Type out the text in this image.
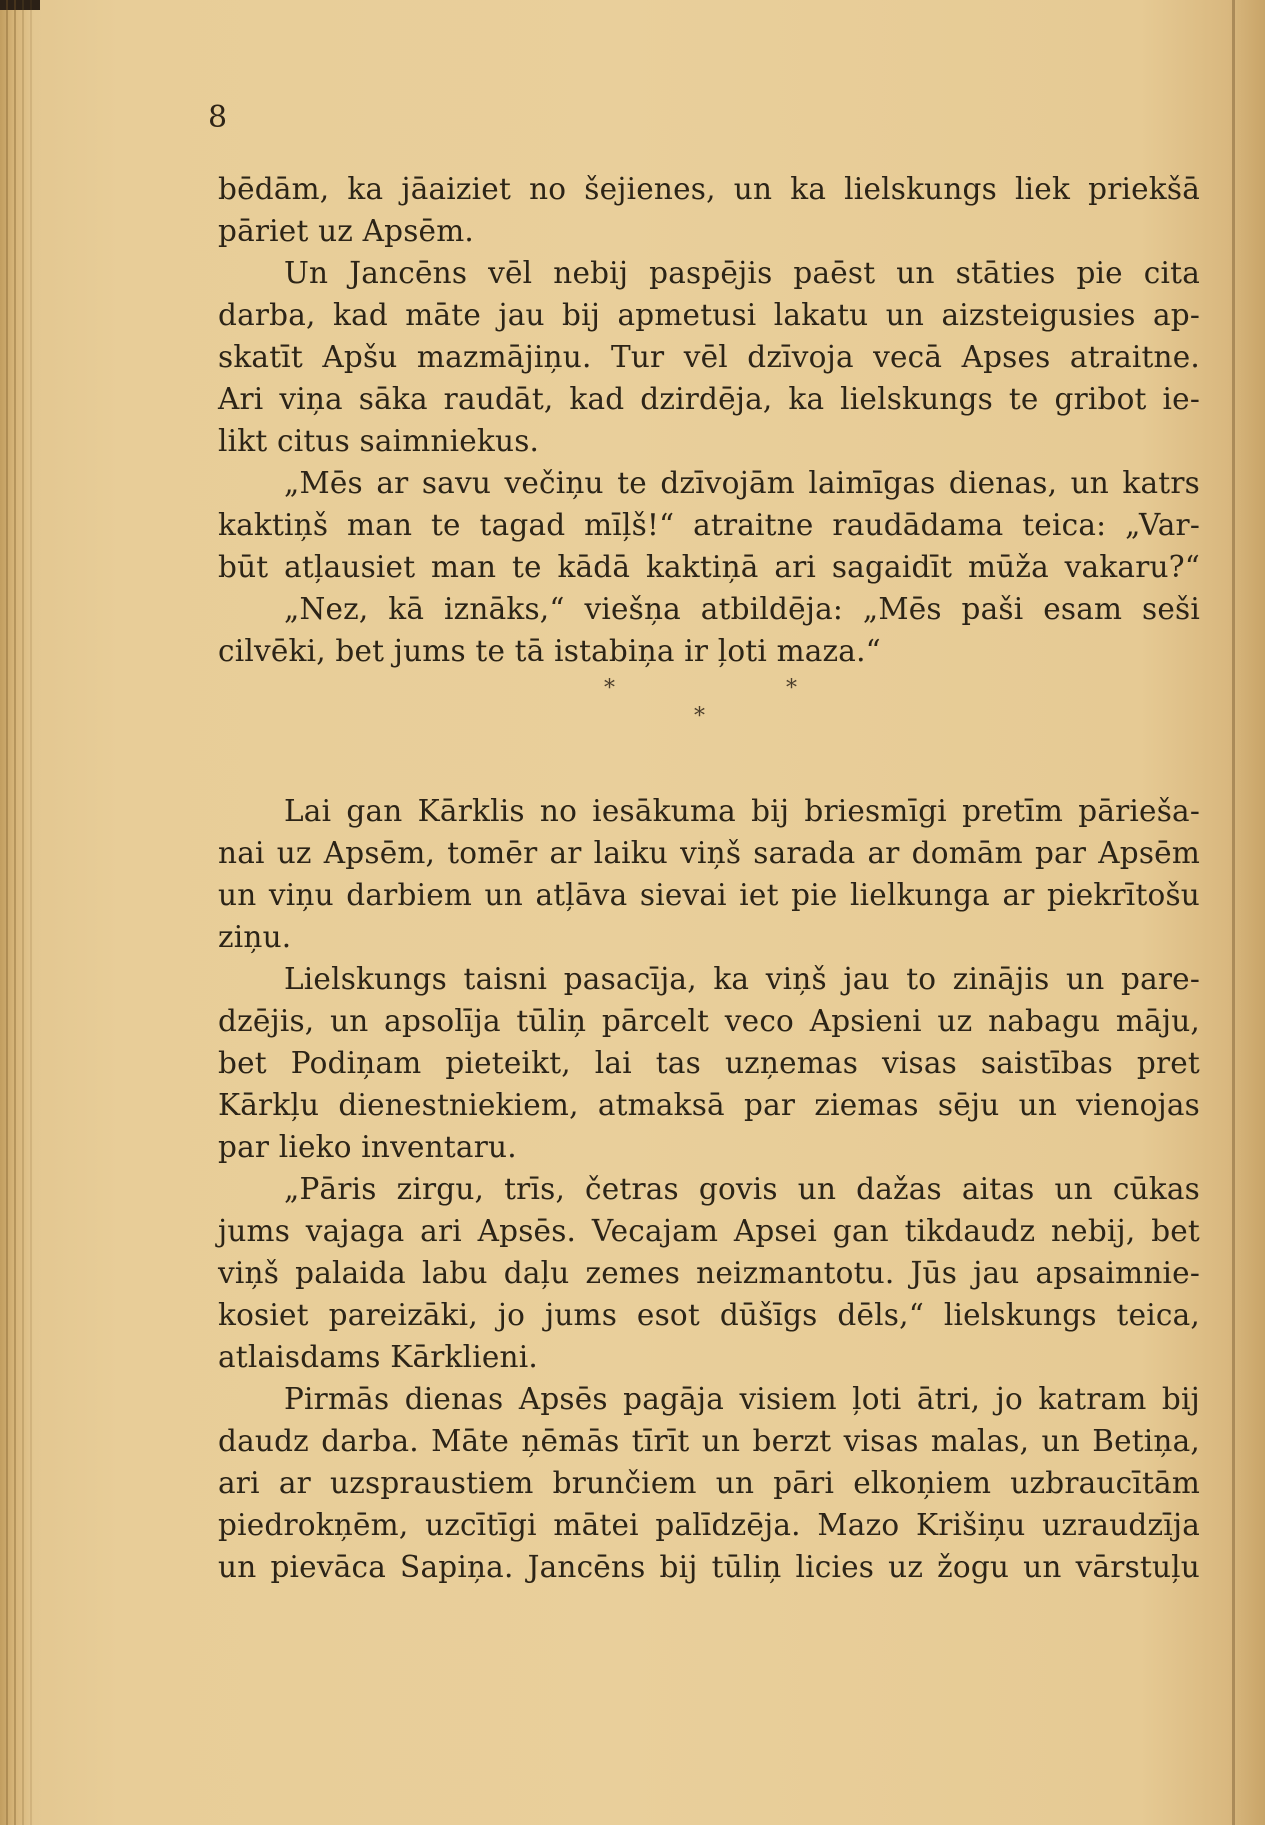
8
bēdām, ka jāaiziet no šejienes, un ka lielskungs liek priekšā
pāriet uz Apsēm.
Un Jancēns vēl nebij paspējis paēst un stāties pie cita
darba, kad māte jau bij apmetusi lakatu un aizsteigusies ap-
skatīt Apšu mazmājiņu. Tur vēl dzīvoja vecā Apses atraitne.
Ari viņa sāka raudāt, kad dzirdēja, ka lielskungs te gribot ie-
likt citus saimniekus.
„Mēs ar savu večiņu te dzīvojām laimīgas dienas, un katrs
kaktiņš man te tagad mīļš!“ atraitne raudādama teica: „Var-
būt atļausiet man te kādā kaktiņā ari sagaidīt mūža vakaru?“
„Nez, kā iznāks,“ viešņa atbildēja: „Mēs paši esam seši
cilvēki, bet jums te tā istabiņa ir ļoti maza.“
*	*
*
Lai gan Kārklis no iesākuma bij briesmīgi pretīm pārieša-
nai uz Apsēm, tomēr ar laiku viņš sarada ar domām par Apsēm
un viņu darbiem un atļāva sievai iet pie lielkunga ar piekrītošu
ziņu.
Lielskungs taisni pasacīja, ka viņš jau to zinājis un pare-
dzējis, un apsolīja tūliņ pārcelt veco Apsieni uz nabagu māju,
bet Podiņam pieteikt, lai tas uzņemas visas saistības pret
Kārkļu dienestniekiem, atmaksā par ziemas sēju un vienojas
par lieko inventaru.
„Pāris zirgu, trīs, četras govis un dažas aitas un cūkas
jums vajaga ari Apsēs. Vecajam Apsei gan tikdaudz nebij, bet
viņš palaida labu daļu zemes neizmantotu. Jūs jau apsaimnie-
kosiet pareizāki, jo jums esot dūšīgs dēls,“ lielskungs teica,
atlaisdams Kārklieni.
Pirmās dienas Apsēs pagāja visiem ļoti ātri, jo katram bij
daudz darba. Māte ņēmās tīrīt un berzt visas malas, un Betiņa,
ari ar uzspraustiem brunčiem un pāri elkoņiem uzbraucītām
piedrokņēm, uzcītīgi mātei palīdzēja. Mazo Krišiņu uzraudzīja
un pievāca Sapiņa. Jancēns bij tūliņ licies uz žogu un vārstuļu
